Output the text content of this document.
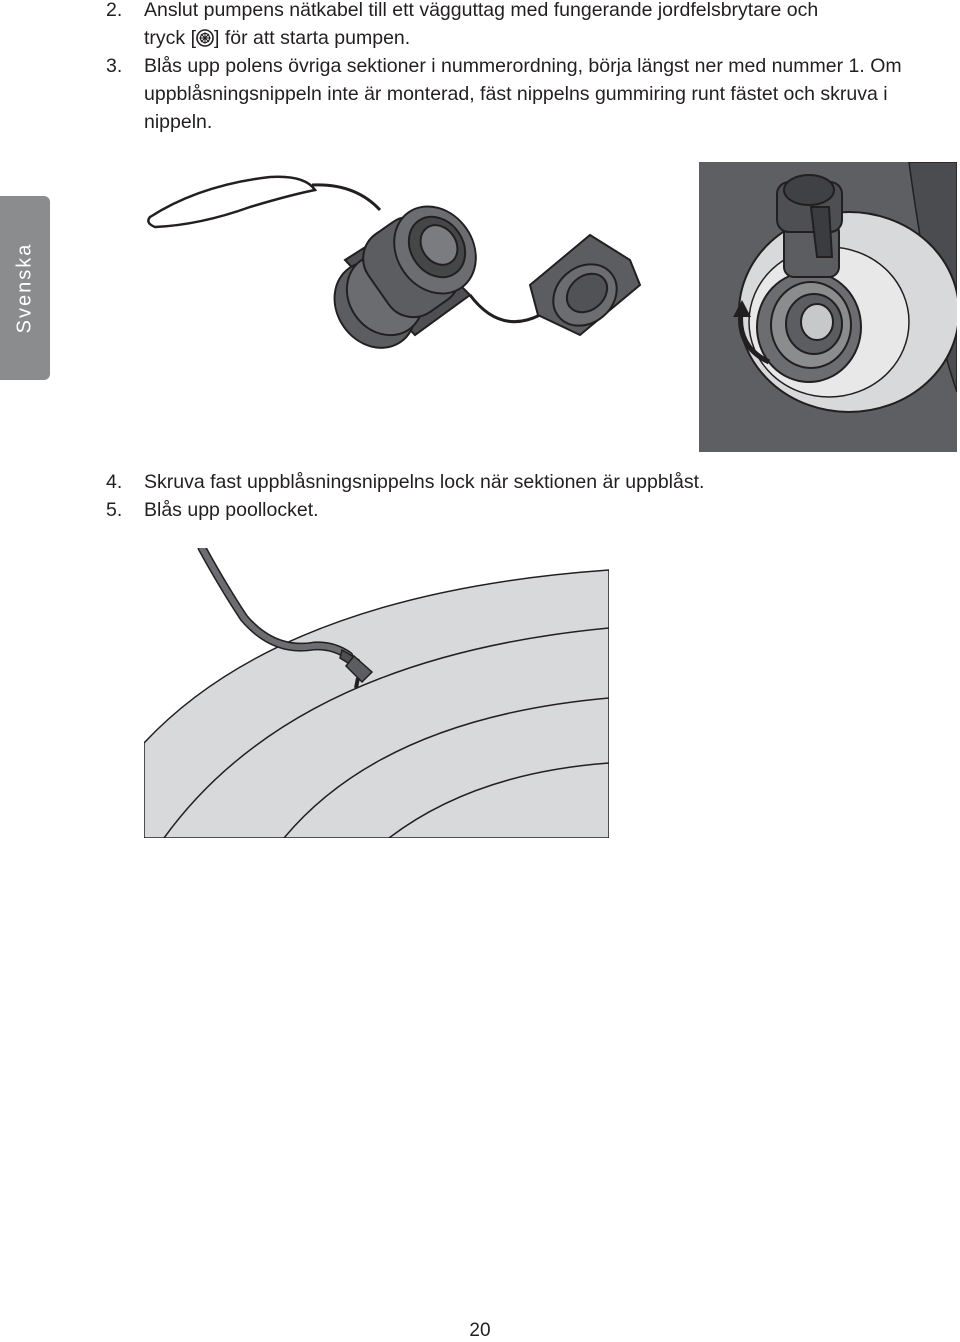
2. Anslut pumpens nätkabel till ett vägguttag med fungerande jordfelsbrytare och
tryck [ ] för att starta pumpen.
3. Blås upp polens övriga sektioner i nummerordning, börja längst ner med nummer 1. Om uppblåsningsnippeln inte är monterad, fäst nippelns gummiring runt fästet och skruva i nippeln.
Svenska
4. Skruva fast uppblåsningsnippelns lock när sektionen är uppblåst.
5. Blås upp poollocket.
20
